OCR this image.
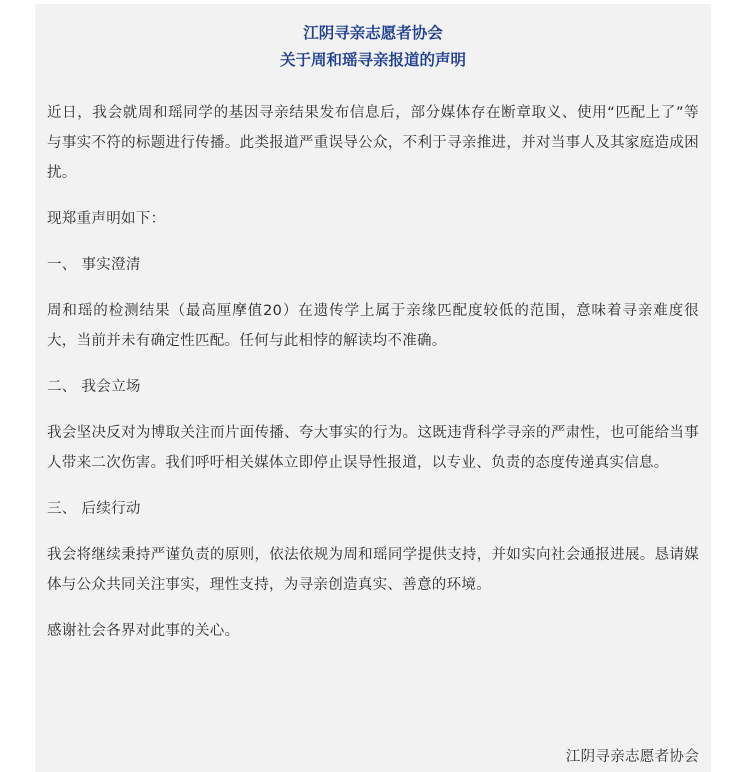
江阴寻亲志愿者协会

关于周和瑶寻亲报道的声明

近日，我会就周和瑶同学的基因寻亲结果发布信息后，部分媒体存在断章取义、使用“匹配上了”等与事实不符的标题进行传播。此类报道严重误导公众，不利于寻亲推进，并对当事人及其家庭造成困扰。

现郑重声明如下：

一、 事实澄清

周和瑶的检测结果（最高厘摩值20）在遗传学上属于亲缘匹配度较低的范围，意味着寻亲难度很大，当前并未有确定性匹配。任何与此相悖的解读均不准确。

二、 我会立场

我会坚决反对为博取关注而片面传播、夸大事实的行为。这既违背科学寻亲的严肃性，也可能给当事人带来二次伤害。我们呼吁相关媒体立即停止误导性报道，以专业、负责的态度传递真实信息。

三、 后续行动

我会将继续秉持严谨负责的原则，依法依规为周和瑶同学提供支持，并如实向社会通报进展。恳请媒体与公众共同关注事实，理性支持，为寻亲创造真实、善意的环境。

感谢社会各界对此事的关心。

江阴寻亲志愿者协会
